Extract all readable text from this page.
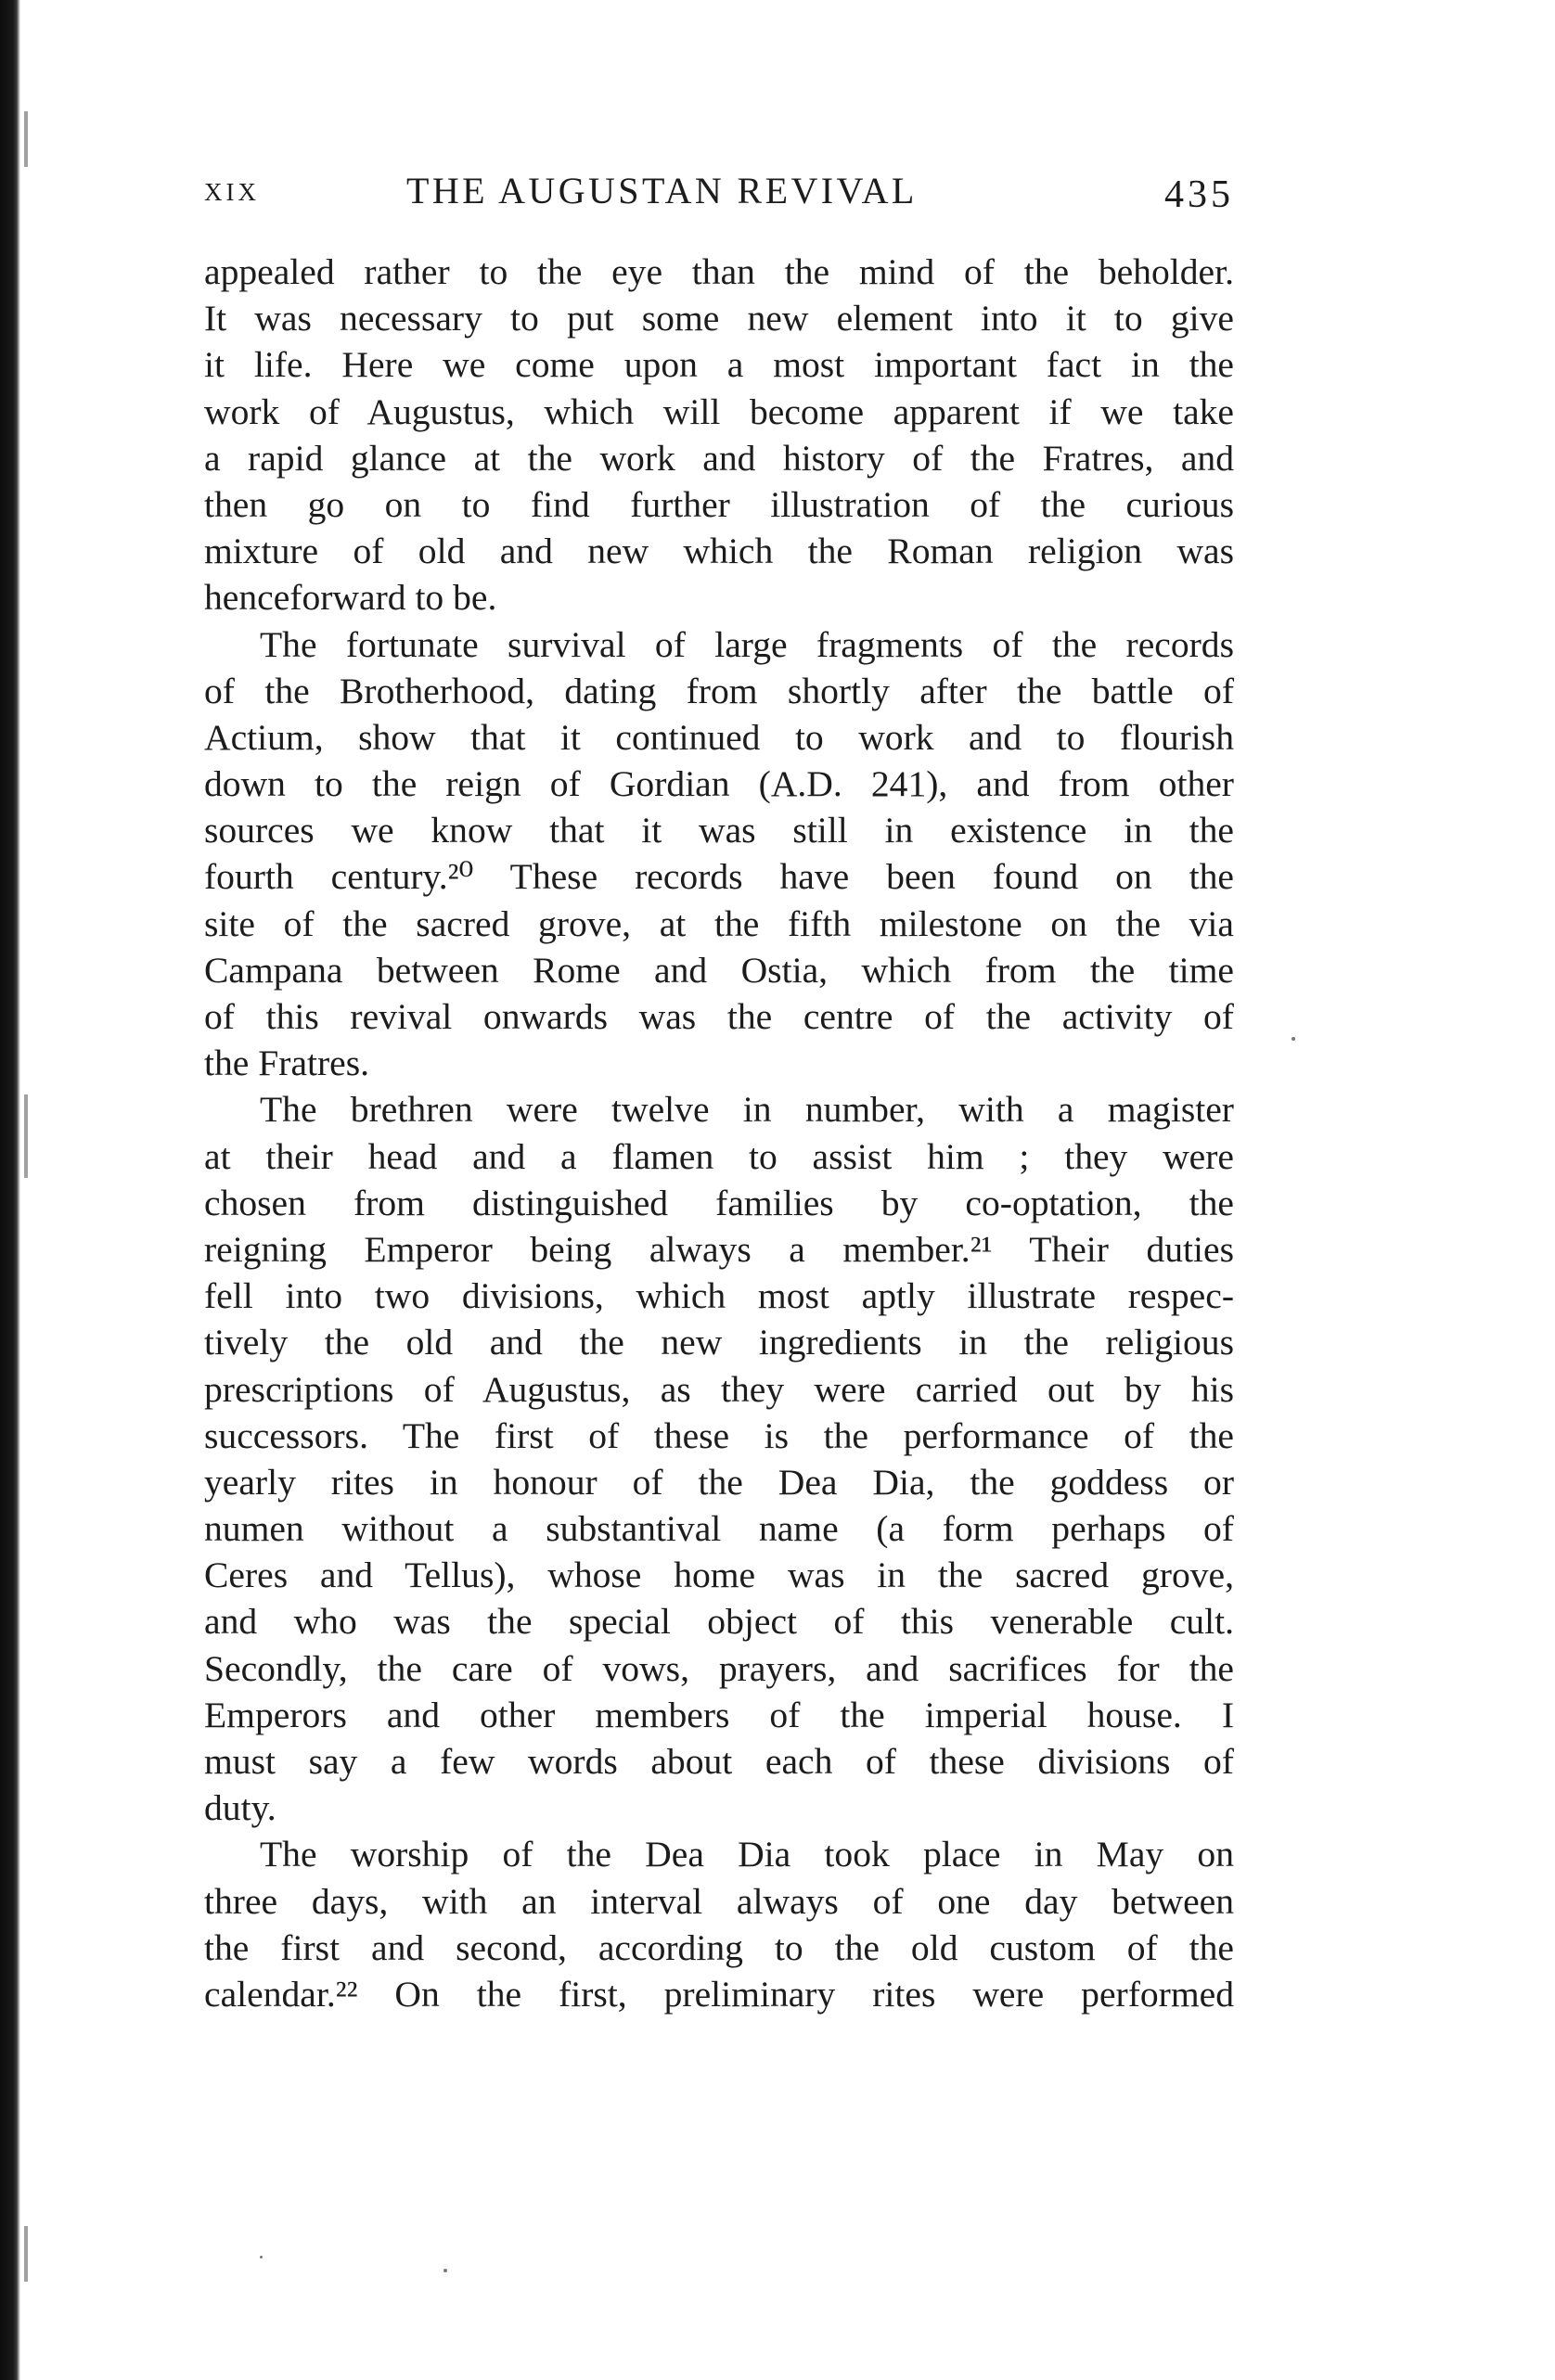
XIX	THE AUGUSTAN REVIVAL	435
appealed rather to the eye than the mind of the beholder.
It was necessary to put some new element into it to give
it life. Here we come upon a most important fact in the
work of Augustus, which will become apparent if we take
a rapid glance at the work and history of the Fratres, and
then go on to find further illustration of the curious
mixture of old and new which the Roman religion was
henceforward to be.
The fortunate survival of large fragments of the records
of the Brotherhood, dating from shortly after the battle of
Actium, show that it continued to work and to flourish
down to the reign of Gordian (A.D. 241), and from other
sources we know that it was still in existence in the
fourth century.²⁰ These records have been found on the
site of the sacred grove, at the fifth milestone on the via
Campana between Rome and Ostia, which from the time
of this revival onwards was the centre of the activity of
the Fratres.
The brethren were twelve in number, with a magister
at their head and a flamen to assist him ; they were
chosen from distinguished families by co-optation, the
reigning Emperor being always a member.²¹ Their duties
fell into two divisions, which most aptly illustrate respec-
tively the old and the new ingredients in the religious
prescriptions of Augustus, as they were carried out by his
successors. The first of these is the performance of the
yearly rites in honour of the Dea Dia, the goddess or
numen without a substantival name (a form perhaps of
Ceres and Tellus), whose home was in the sacred grove,
and who was the special object of this venerable cult.
Secondly, the care of vows, prayers, and sacrifices for the
Emperors and other members of the imperial house. I
must say a few words about each of these divisions of
duty.
The worship of the Dea Dia took place in May on
three days, with an interval always of one day between
the first and second, according to the old custom of the
calendar.²² On the first, preliminary rites were performed
